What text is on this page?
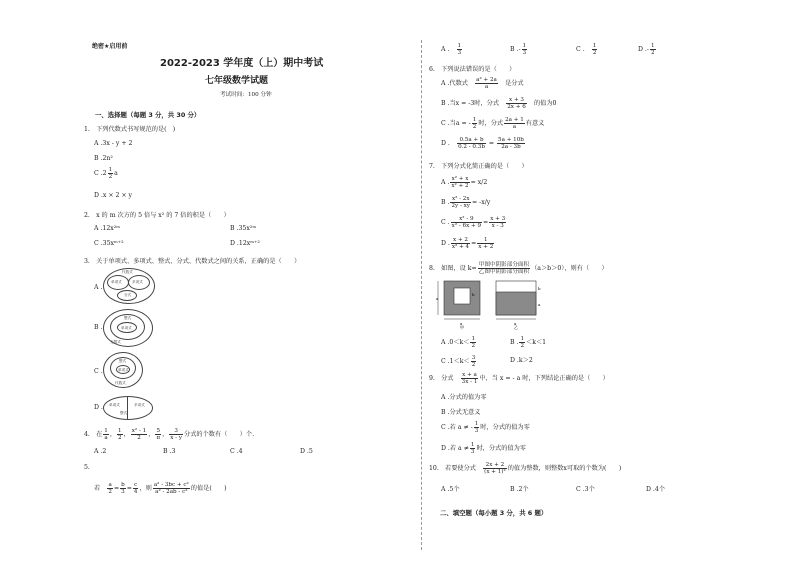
绝密★启用前
2022-2023 学年度（上）期中考试
七年级数学试题
考试时间：100 分钟
一、选择题（每题 3 分，共 30 分）
1.　下列代数式书写规范的是(　)
A .3x - y + 2
B .2n²
C $.2 \frac{1}{2}$ a
D .x × 2 × y
2.　x 的 m 次方的 5 倍与 x² 的 7 倍的积是（　　）
A .12x²ᵐ	B .35x²ᵐ
C .35xᵐ⁺²	D .12xᵐ⁺²
3.　关于单项式、多项式、整式、分式、代数式之间的关系，正确的是（　　）
A .
代数式
单项式	多项式
分式
B .
无限式
整式
单项式
C .
代数式
整式
单项式
D . 单项式	多项式
整式
4.　在 $\frac{1}{a}$ ， $\frac{1}{2}$ ， $\frac{\text{x² - 1}}{2}$ ， $\frac{5}{\pi}$ ， $\frac{3}{x - y}$ 分式的个数有（　　）个.
A .2	B .3	C .4	D .5
5.
若　 $\frac{a}{2} = \frac{b}{3} = \frac{c}{4}$ ，则 $\frac{\text{a² - 3bc + c²}}{\text{a² - 2ab - c²}}$ 的值是(　　)
A .　 $\frac{1}{3}$	B .- $\frac{1}{3}$	C .　 $\frac{1}{2}$	D .- $\frac{1}{2}$
6.　下列说法错误的是（　　）
A .代数式　 $\frac{\text{a² + 2a}}{a}$
　 是分式
B .当x = -3时，分式　 $\frac{x + 3}{2x + 6}$
　 的值为0
C .当a = - $\frac{1}{2}$ 时，分式 $\frac{2a + 1}{a}$ 有意义
D .　 $\frac{0.5a + b}{0.2 - 0.3b} = \frac{5a + 10b}{2a - 3b}$
7.　下列分式化简正确的是（　　）
A . $\frac{\text{x² + x}}{\text{x² + 2}} = x/2$
B . $\frac{\text{x² - 2x}}{2y - xy} = -x/y$
C . $\frac{\text{x² - 9}}{\text{x² - 6x + 9}} = \frac{x + 3}{x - 3}$
D . $\frac{x + 2}{\text{x² + 4}} = \frac{1}{x + 2}$
8.　如图，设 $k= \frac{\text{甲图中阴影部分面积}}{\text{乙图中阴影部分面积}} (a>b>0)$，则有（　　）
a
a
b
甲
b
a
a
乙
A $.0<k< \frac{1}{2}$	B . $\frac{1}{2} <k<1$
C $.1<k< \frac{3}{2}$	D .k＞2
9.　分式　 $\frac{x + a}{3x - 1}$ 中，当 x = - a 时，下列结论正确的是（　　）
A .分式的值为零
B .分式无意义
C .若 a ≠ - $\frac{1}{3}$ 时，分式的值为零
D .若 $a \ne \frac{1}{3}$ 时，分式的值为零
10.　若要使分式　 $\frac{2x + 2}{\text{(x + 1)²}}$ 的值为整数，则整数x可取的个数为(　　)
A .5个	B .2个	C .3个	D .4个
二、填空题（每小题 3 分，共 6 题）
